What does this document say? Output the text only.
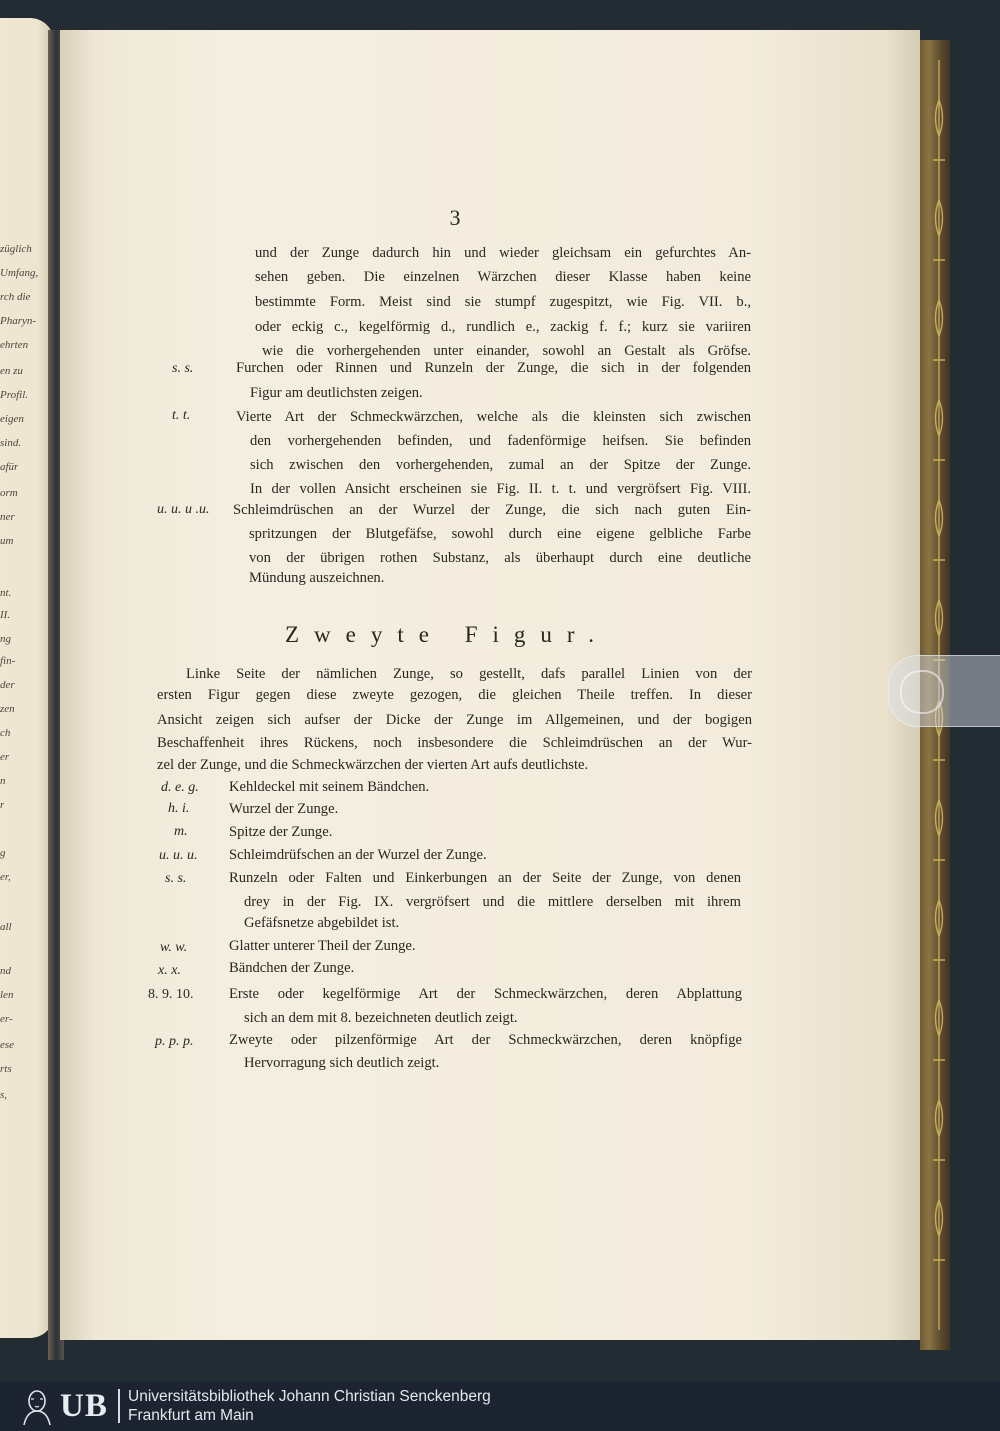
züglich
Umfang,
rch die
Pharyn-
ehrten
en zu
Profil.
eigen
sind.
afür
orm
ner
um
nt.
II.
ng
fin-
der
zen
ch
er
n
r
g
er,
all
nd
len
er-
ese
rts
s,
3
und der Zunge dadurch hin und wieder gleichsam ein gefurchtes An-
sehen geben. Die einzelnen Wärzchen dieser Klasse haben keine
bestimmte Form. Meist sind sie stumpf zugespitzt, wie Fig. VII. b.,
oder eckig c., kegelförmig d., rundlich e., zackig f. f.; kurz sie variiren
wie die vorhergehenden unter einander, sowohl an Gestalt als Gröfse.
s. s.	Furchen oder Rinnen und Runzeln der Zunge, die sich in der folgenden
Figur am deutlichsten zeigen.
t. t.	Vierte Art der Schmeckwärzchen, welche als die kleinsten sich zwischen
den vorhergehenden befinden, und fadenförmige heifsen. Sie befinden
sich zwischen den vorhergehenden, zumal an der Spitze der Zunge.
In der vollen Ansicht erscheinen sie Fig. II. t. t. und vergröfsert Fig. VIII.
u. u. u .u. Schleimdrüschen an der Wurzel der Zunge, die sich nach guten Ein-
spritzungen der Blutgefäfse, sowohl durch eine eigene gelbliche Farbe
von der übrigen rothen Substanz, als überhaupt durch eine deutliche
Mündung auszeichnen.
Zweyte Figur.
Linke Seite der nämlichen Zunge, so gestellt, dafs parallel Linien von der
ersten Figur gegen diese zweyte gezogen, die gleichen Theile treffen. In dieser
Ansicht zeigen sich aufser der Dicke der Zunge im Allgemeinen, und der bogigen
Beschaffenheit ihres Rückens, noch insbesondere die Schleimdrüschen an der Wur-
zel der Zunge, und die Schmeckwärzchen der vierten Art aufs deutlichste.
d. e. g. Kehldeckel mit seinem Bändchen.
h. i.	Wurzel der Zunge.
m.	Spitze der Zunge.
u. u. u. Schleimdrüfschen an der Wurzel der Zunge.
s. s.	Runzeln oder Falten und Einkerbungen an der Seite der Zunge, von denen
drey in der Fig. IX. vergröfsert und die mittlere derselben mit ihrem
Gefäfsnetze abgebildet ist.
w. w.	Glatter unterer Theil der Zunge.
x. x.	Bändchen der Zunge.
8. 9. 10. Erste oder kegelförmige Art der Schmeckwärzchen, deren Abplattung
sich an dem mit 8. bezeichneten deutlich zeigt.
p. p. p. Zweyte oder pilzenförmige Art der Schmeckwärzchen, deren knöpfige
Hervorragung sich deutlich zeigt.
UB Universitätsbibliothek Johann Christian Senckenberg
Frankfurt am Main
